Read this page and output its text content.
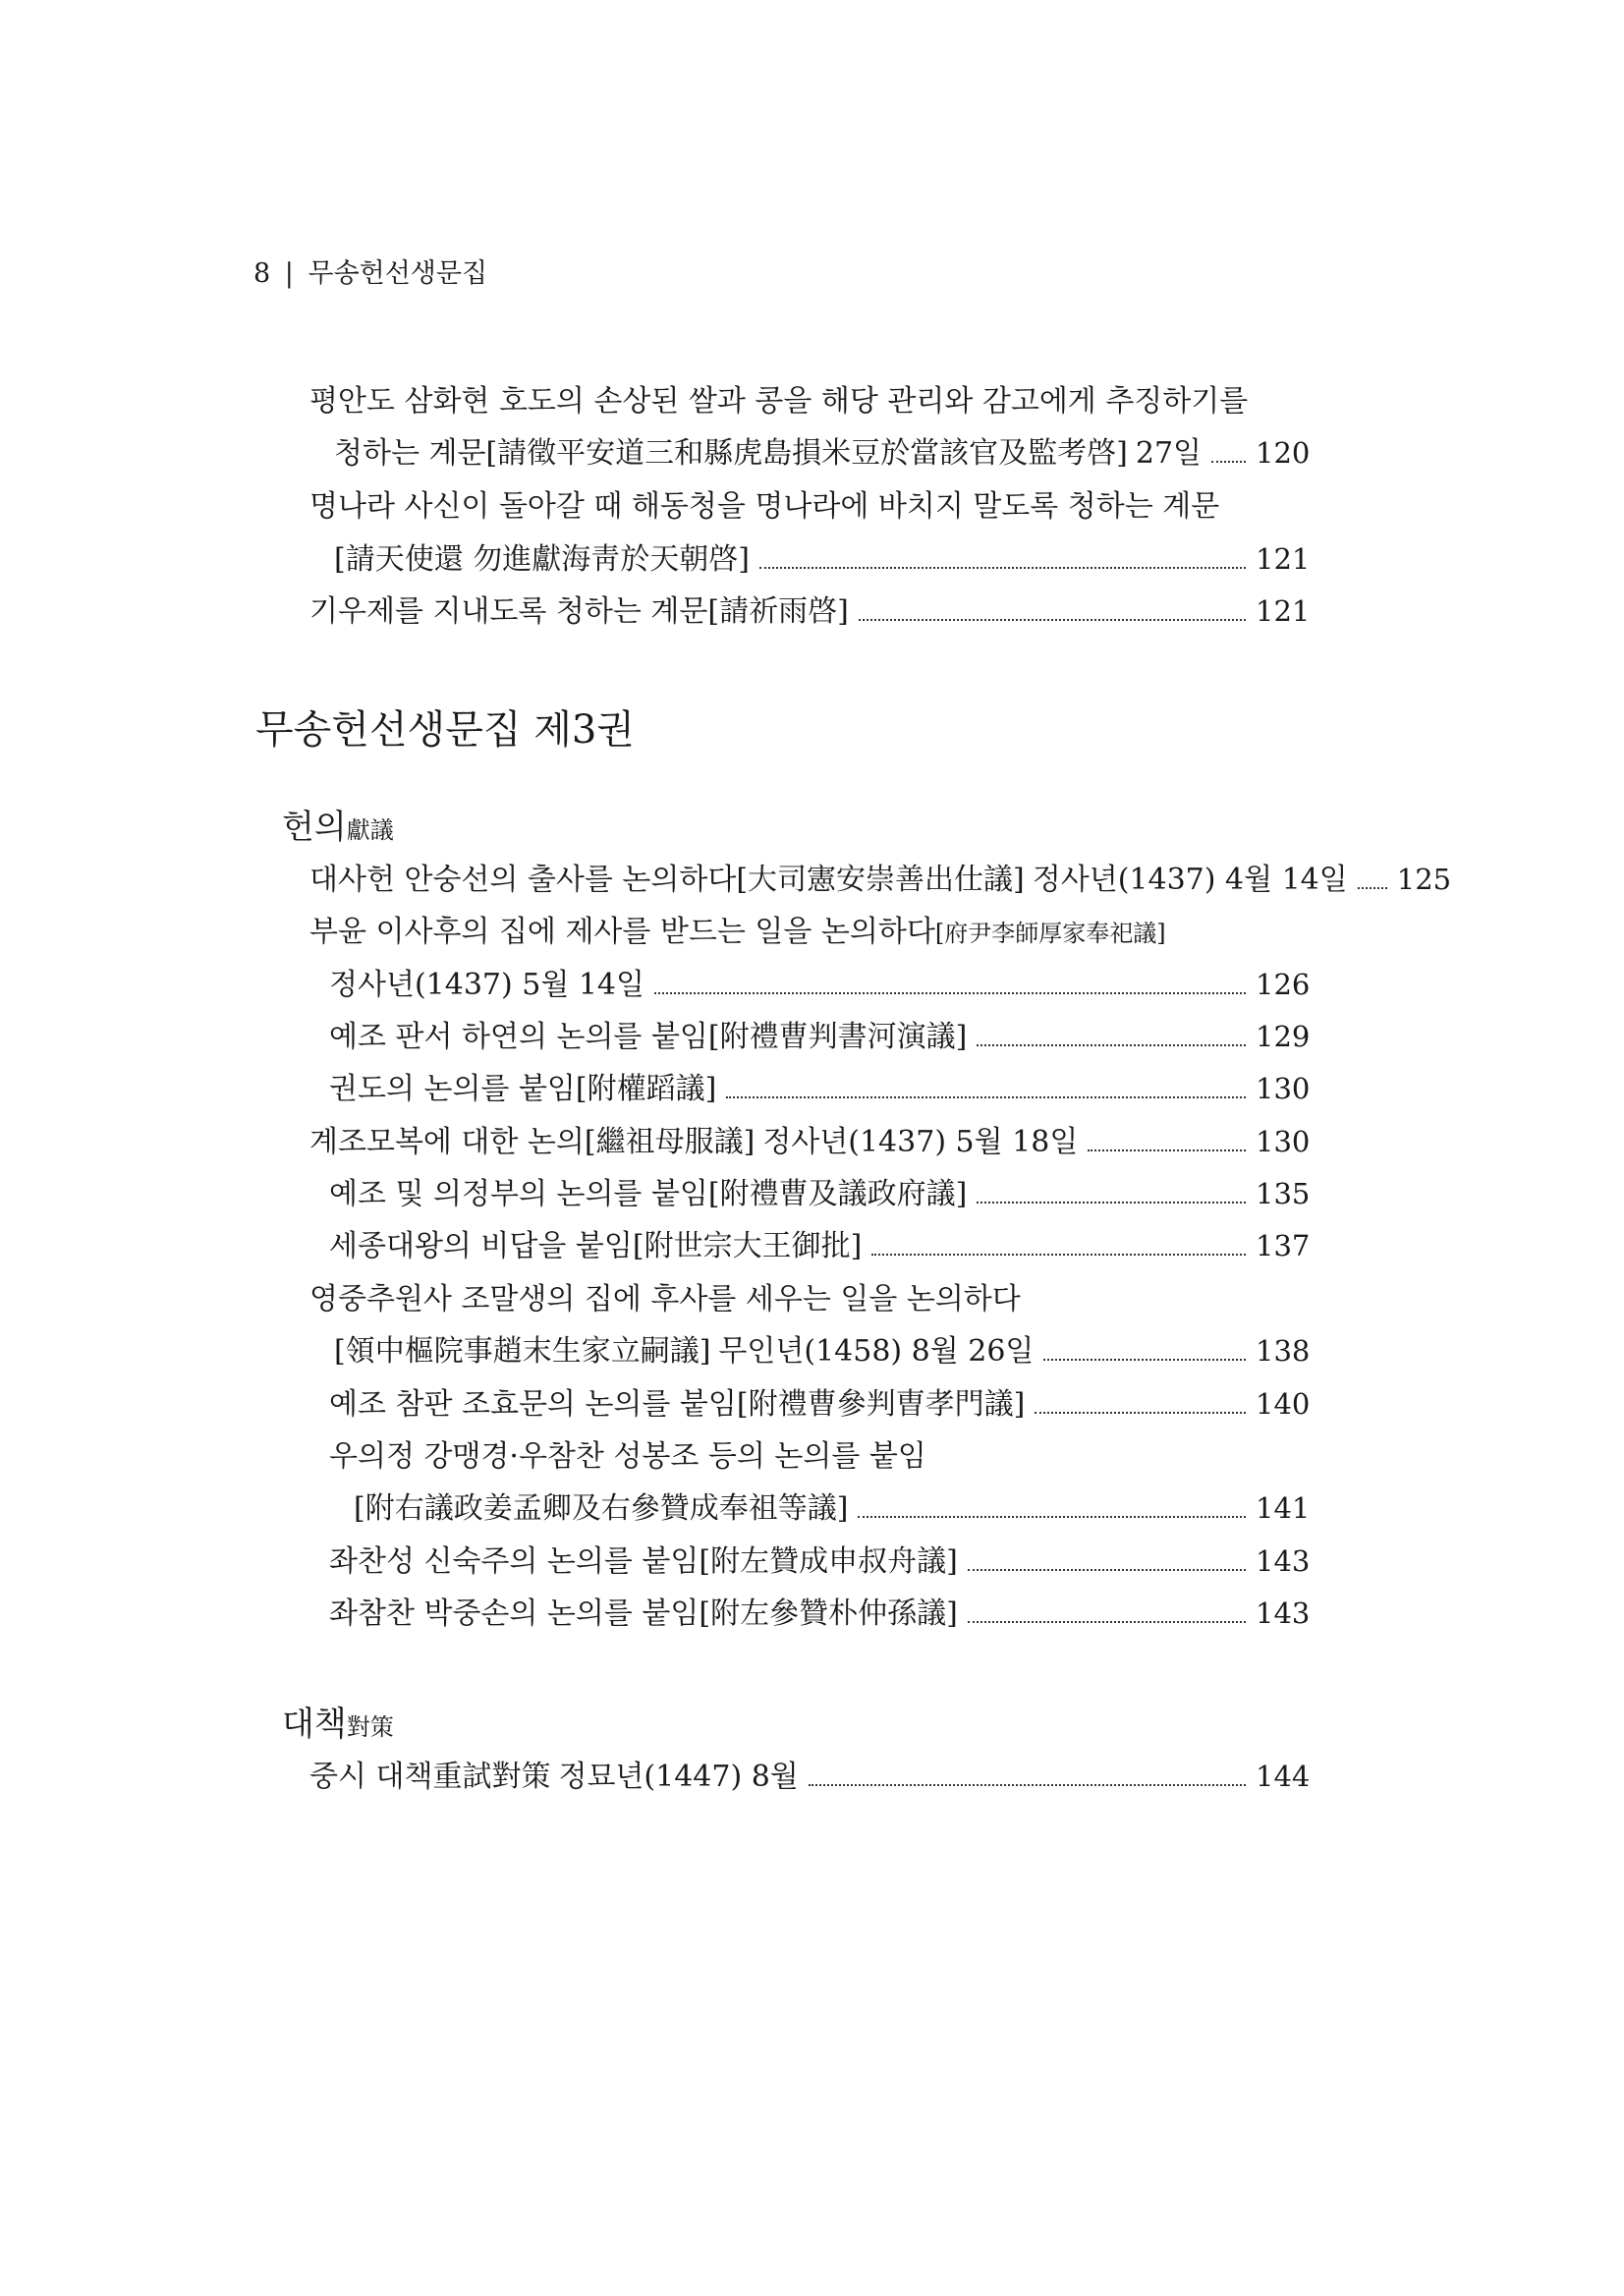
8 | 무송헌선생문집
평안도 삼화현 호도의 손상된 쌀과 콩을 해당 관리와 감고에게 추징하기를
청하는 계문 [請徵平安道三和縣虎島損米豆於當該官及監考啓] 27일 120
명나라 사신이 돌아갈 때 해동청을 명나라에 바치지 말도록 청하는 계문
[請天使還 勿進獻海靑於天朝啓]	121
기우제를 지내도록 청하는 계문 [請祈雨啓]	121
무송헌선생문집 제3권
헌의獻議
대사헌 안숭선의 출사를 논의하다 [大司憲安崇善出仕議] 정사년(1437) 4월 14일 125
부윤 이사후의 집에 제사를 받드는 일을 논의하다[府尹李師厚家奉祀議]
정사년(1437) 5월 14일	126
예조 판서 하연의 논의를 붙임 [附禮曹判書河演議]	129
권도의 논의를 붙임 [附權蹈議]	130
계조모복에 대한 논의 [繼祖母服議] 정사년(1437) 5월 18일	130
예조 및 의정부의 논의를 붙임 [附禮曹及議政府議]	135
세종대왕의 비답을 붙임 [附世宗大王御批]	137
영중추원사 조말생의 집에 후사를 세우는 일을 논의하다
[領中樞院事趙末生家立嗣議] 무인년(1458) 8월 26일	138
예조 참판 조효문의 논의를 붙임 [附禮曹參判曺孝門議]	140
우의정 강맹경·우참찬 성봉조 등의 논의를 붙임
[附右議政姜孟卿及右參贊成奉祖等議]	141
좌찬성 신숙주의 논의를 붙임 [附左贊成申叔舟議]	143
좌참찬 박중손의 논의를 붙임 [附左參贊朴仲孫議]	143
대책對策
중시 대책 重試對策 정묘년(1447) 8월	144
